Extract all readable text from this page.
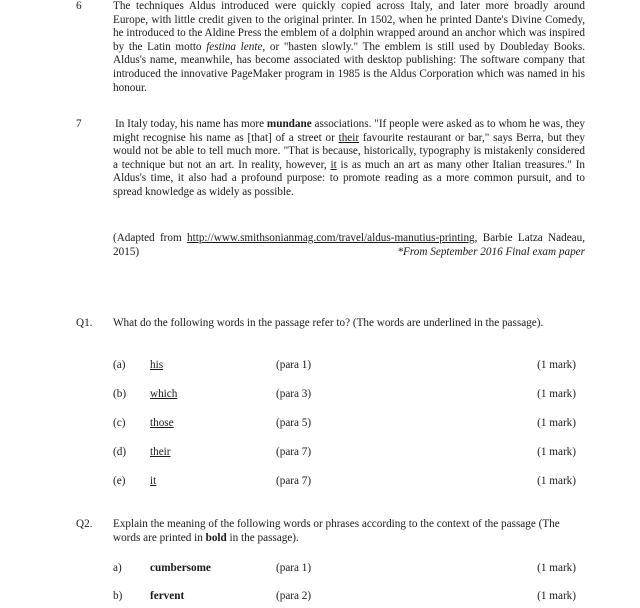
6	The techniques Aldus introduced were quickly copied across Italy, and later more broadly around Europe, with little credit given to the original printer. In 1502, when he printed Dante's Divine Comedy, he introduced to the Aldine Press the emblem of a dolphin wrapped around an anchor which was inspired by the Latin motto festina lente, or "hasten slowly." The emblem is still used by Doubleday Books. Aldus's name, meanwhile, has become associated with desktop publishing: The software company that introduced the innovative PageMaker program in 1985 is the Aldus Corporation which was named in his honour.
7	In Italy today, his name has more mundane associations. "If people were asked as to whom he was, they might recognise his name as [that] of a street or their favourite restaurant or bar," says Berra, but they would not be able to tell much more. "That is because, historically, typography is mistakenly considered a technique but not an art. In reality, however, it is as much an art as many other Italian treasures." In Aldus's time, it also had a profound purpose: to promote reading as a more common pursuit, and to spread knowledge as widely as possible.
(Adapted from http://www.smithsonianmag.com/travel/aldus-manutius-printing, Barbie Latza Nadeau, 2015)	*From September 2016 Final exam paper
Q1. What do the following words in the passage refer to? (The words are underlined in the passage).
(a) his	(para 1)	(1 mark)
(b) which	(para 3)	(1 mark)
(c) those	(para 5)	(1 mark)
(d) their	(para 7)	(1 mark)
(e) it	(para 7)	(1 mark)
Q2. Explain the meaning of the following words or phrases according to the context of the passage (The words are printed in bold in the passage).
a)	cumbersome	(para 1)	(1 mark)
b) fervent	(para 2)	(1 mark)
